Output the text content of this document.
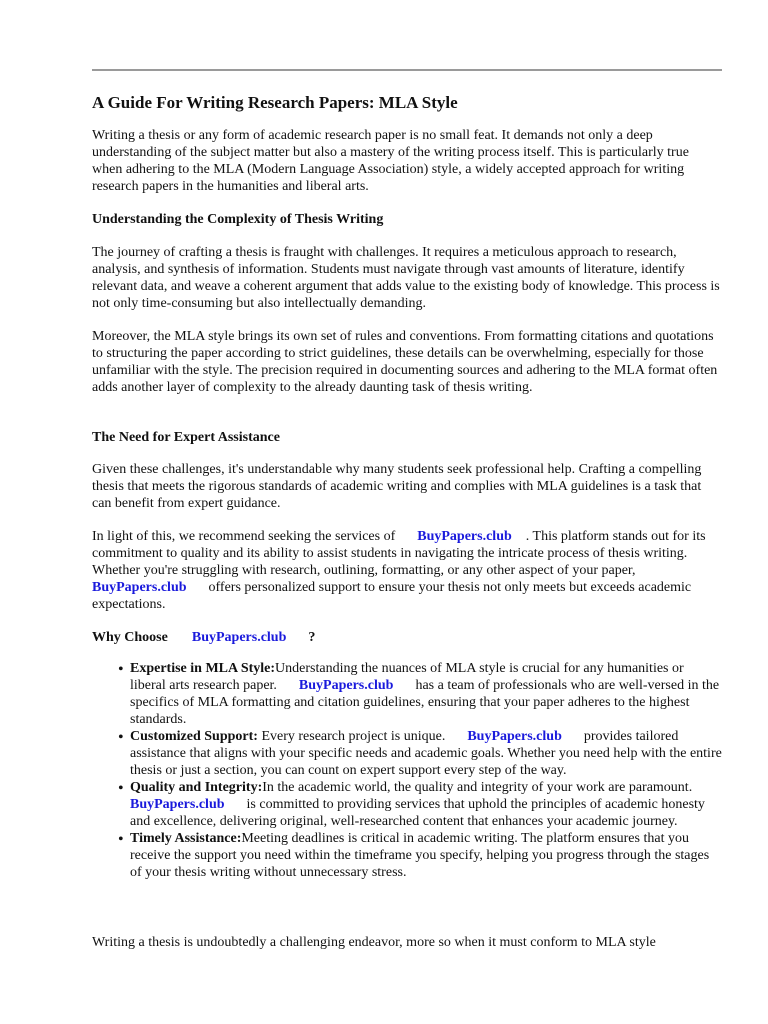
A Guide For Writing Research Papers: MLA Style

Writing a thesis or any form of academic research paper is no small feat. It demands not only a deep understanding of the subject matter but also a mastery of the writing process itself. This is particularly true when adhering to the MLA (Modern Language Association) style, a widely accepted approach for writing research papers in the humanities and liberal arts.

Understanding the Complexity of Thesis Writing

The journey of crafting a thesis is fraught with challenges. It requires a meticulous approach to research, analysis, and synthesis of information. Students must navigate through vast amounts of literature, identify relevant data, and weave a coherent argument that adds value to the existing body of knowledge. This process is not only time-consuming but also intellectually demanding.

Moreover, the MLA style brings its own set of rules and conventions. From formatting citations and quotations to structuring the paper according to strict guidelines, these details can be overwhelming, especially for those unfamiliar with the style. The precision required in documenting sources and adhering to the MLA format often adds another layer of complexity to the already daunting task of thesis writing.

The Need for Expert Assistance

Given these challenges, it's understandable why many students seek professional help. Crafting a compelling thesis that meets the rigorous standards of academic writing and complies with MLA guidelines is a task that can benefit from expert guidance.

In light of this, we recommend seeking the services of BuyPapers.club . This platform stands out for its commitment to quality and its ability to assist students in navigating the intricate process of thesis writing. Whether you're struggling with research, outlining, formatting, or any other aspect of your paper,BuyPapers.club offers personalized support to ensure your thesis not only meets but exceeds academic expectations.

Why Choose BuyPapers.club ?

• Expertise in MLA Style:Understanding the nuances of MLA style is crucial for any humanities or liberal arts research paper. BuyPapers.club has a team of professionals who are well-versed in the specifics of MLA formatting and citation guidelines, ensuring that your paper adheres to the highest standards.
• Customized Support: Every research project is unique. BuyPapers.club provides tailored assistance that aligns with your specific needs and academic goals. Whether you need help with the entire thesis or just a section, you can count on expert support every step of the way.
• Quality and Integrity:In the academic world, the quality and integrity of your work are paramount.BuyPapers.club is committed to providing services that uphold the principles of academic honesty and excellence, delivering original, well-researched content that enhances your academic journey.
• Timely Assistance:Meeting deadlines is critical in academic writing. The platform ensures that you receive the support you need within the timeframe you specify, helping you progress through the stages of your thesis writing without unnecessary stress.

Writing a thesis is undoubtedly a challenging endeavor, more so when it must conform to MLA style
